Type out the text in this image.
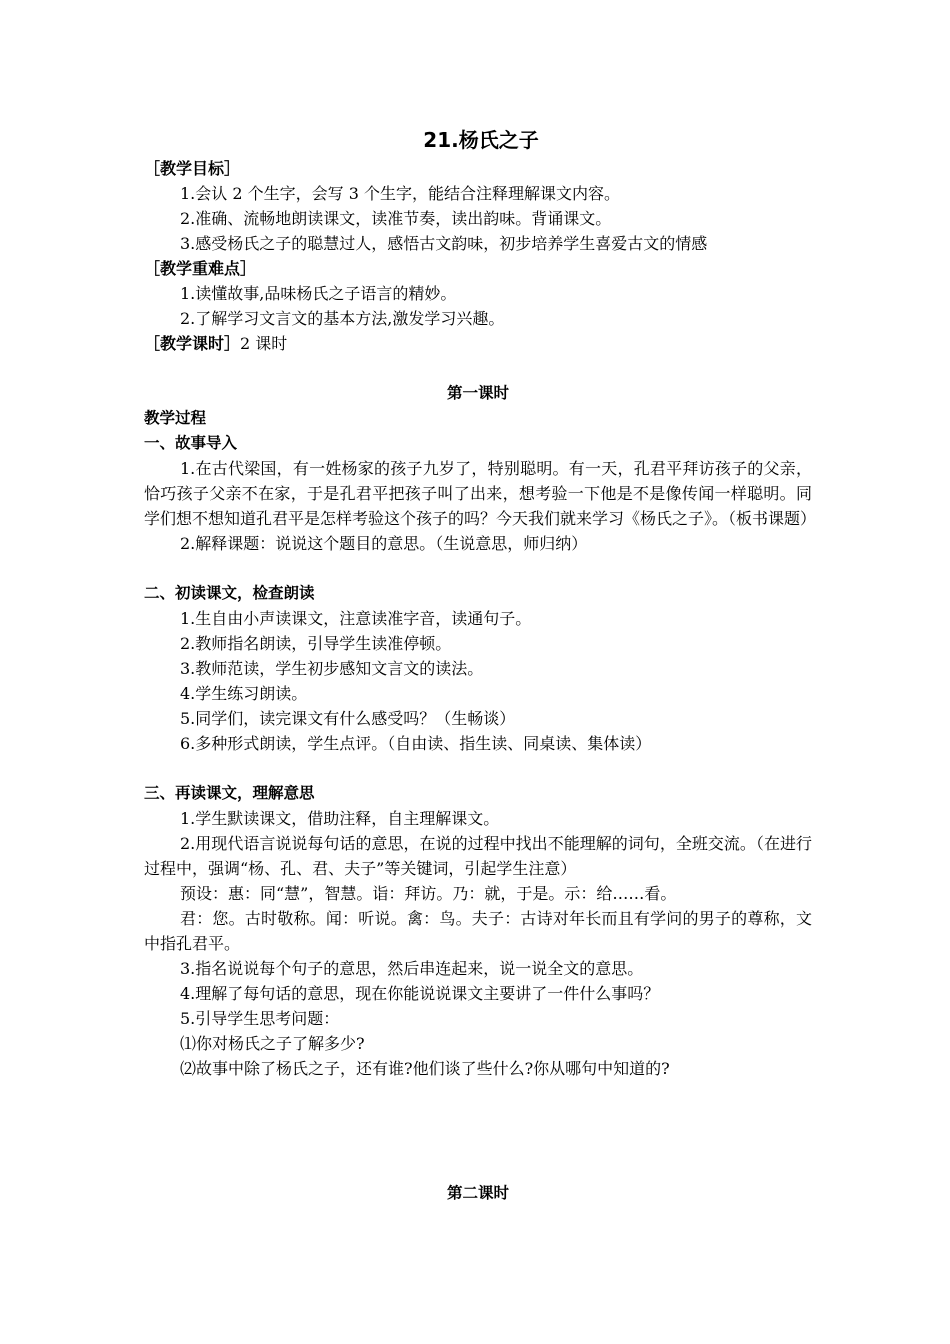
21.杨氏之子
［教学目标］
1.会认 2 个生字，会写 3 个生字，能结合注释理解课文内容。
2.准确、流畅地朗读课文，读准节奏，读出韵味。背诵课文。
3.感受杨氏之子的聪慧过人，感悟古文韵味，初步培养学生喜爱古文的情感
［教学重难点］
1.读懂故事,品味杨氏之子语言的精妙。
2.了解学习文言文的基本方法,激发学习兴趣。
［教学课时］2 课时
第一课时
教学过程
一、故事导入
1.在古代梁国，有一姓杨家的孩子九岁了，特别聪明。有一天，孔君平拜访孩子的父亲，恰巧孩子父亲不在家，于是孔君平把孩子叫了出来，想考验一下他是不是像传闻一样聪明。同学们想不想知道孔君平是怎样考验这个孩子的吗？今天我们就来学习《杨氏之子》。（板书课题）
2.解释课题：说说这个题目的意思。（生说意思，师归纳）
二、初读课文，检查朗读
1.生自由小声读课文，注意读准字音，读通句子。
2.教师指名朗读，引导学生读准停顿。
3.教师范读，学生初步感知文言文的读法。
4.学生练习朗读。
5.同学们，读完课文有什么感受吗？（生畅谈）
6.多种形式朗读，学生点评。（自由读、指生读、同桌读、集体读）
三、再读课文，理解意思
1.学生默读课文，借助注释，自主理解课文。
2.用现代语言说说每句话的意思，在说的过程中找出不能理解的词句，全班交流。（在进行过程中，强调“杨、孔、君、夫子”等关键词，引起学生注意）
预设：惠：同“慧”，智慧。诣：拜访。乃：就，于是。示：给……看。
君：您。古时敬称。闻：听说。禽：鸟。夫子：古诗对年长而且有学问的男子的尊称，文中指孔君平。
3.指名说说每个句子的意思，然后串连起来，说一说全文的意思。
4.理解了每句话的意思，现在你能说说课文主要讲了一件什么事吗？
5.引导学生思考问题：
⑴你对杨氏之子了解多少?
⑵故事中除了杨氏之子，还有谁?他们谈了些什么?你从哪句中知道的?
第二课时
